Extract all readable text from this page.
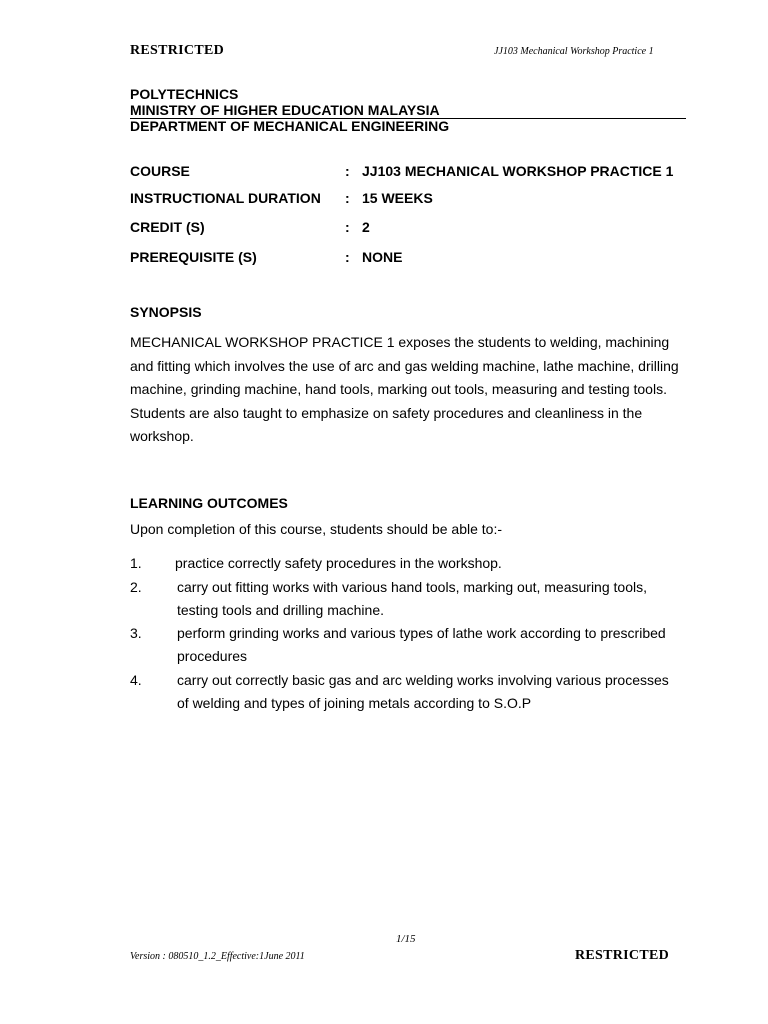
RESTRICTED	JJ103 Mechanical Workshop Practice 1
POLYTECHNICS
MINISTRY OF HIGHER EDUCATION MALAYSIA
DEPARTMENT OF MECHANICAL ENGINEERING
COURSE	: JJ103 MECHANICAL WORKSHOP PRACTICE 1
INSTRUCTIONAL DURATION : 15 WEEKS
CREDIT (S)	: 2
PREREQUISITE (S)	: NONE
SYNOPSIS
MECHANICAL WORKSHOP PRACTICE 1 exposes the students to welding, machining and fitting which involves the use of arc and gas welding machine, lathe machine, drilling machine, grinding machine, hand tools, marking out tools, measuring and testing tools. Students are also taught to emphasize on safety procedures and cleanliness in the workshop.
LEARNING OUTCOMES
Upon completion of this course, students should be able to:-
1. practice correctly safety procedures in the workshop.
2.	carry out fitting works with various hand tools, marking out, measuring tools, testing tools and drilling machine.
3.	perform grinding works and various types of lathe work according to prescribed procedures
4.	carry out correctly basic gas and arc welding works involving various processes of welding and types of joining metals according to S.O.P
1/15
Version : 080510_1.2_Effective:1June 2011	RESTRICTED
